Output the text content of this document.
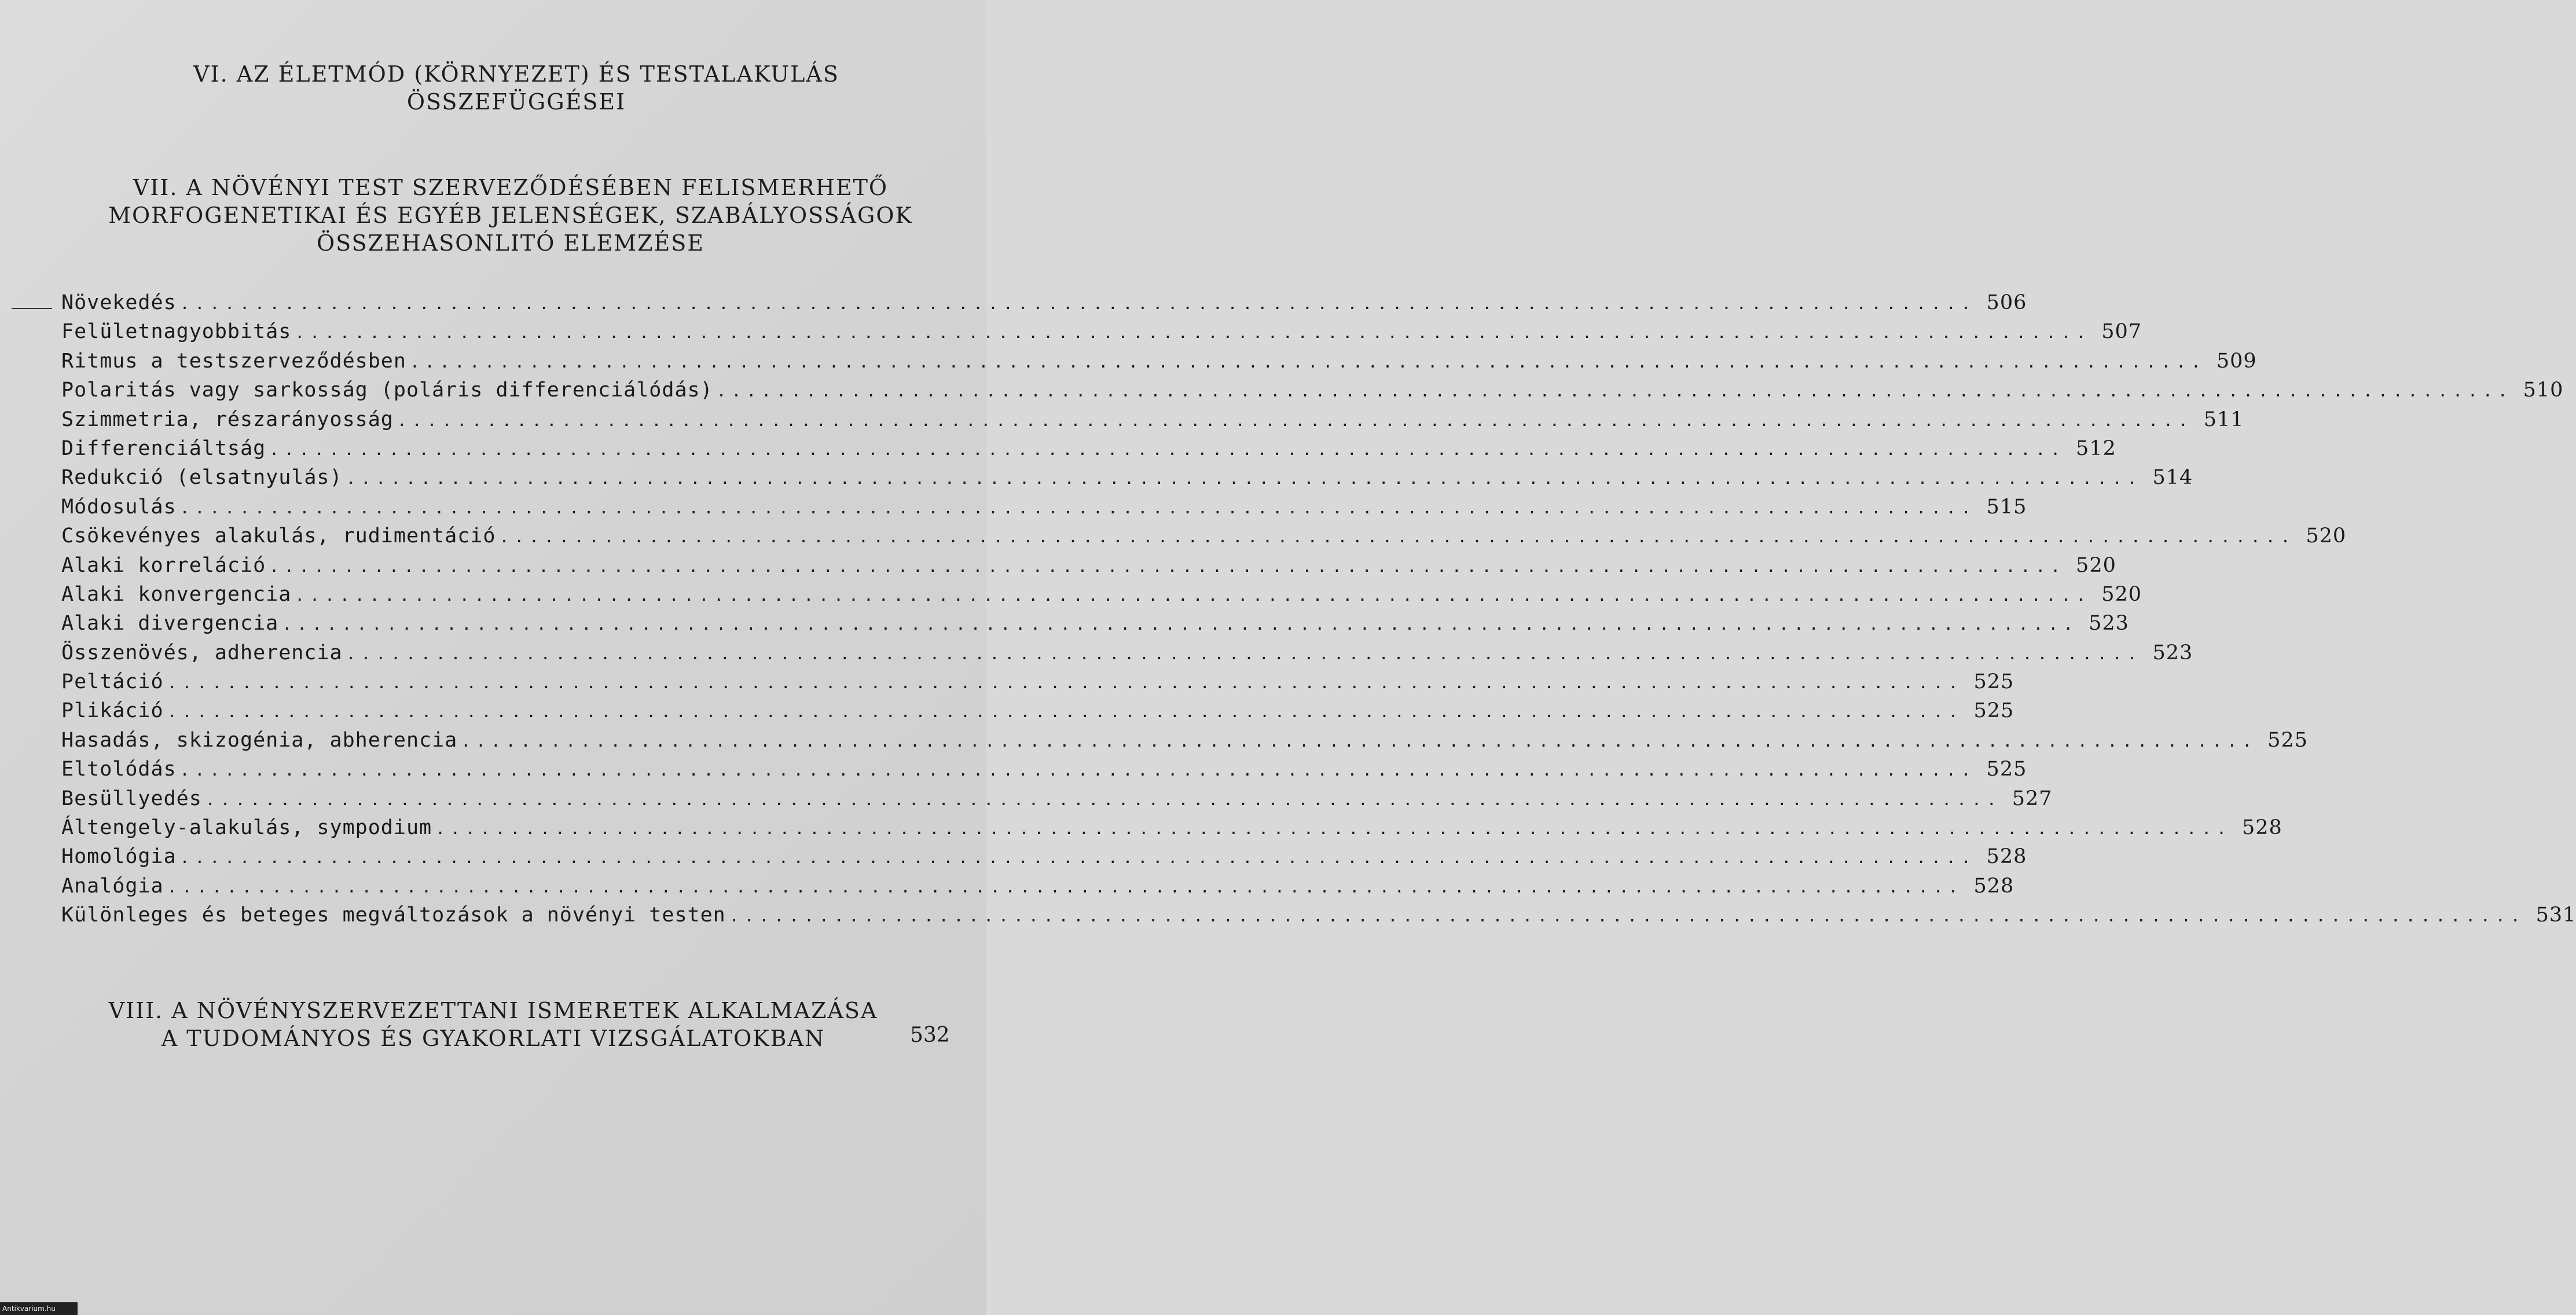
VI. AZ ÉLETMÓD (KÖRNYEZET) ÉS TESTALAKULÁS
ÖSSZEFÜGGÉSEI
VII. A NÖVÉNYI TEST SZERVEZŐDÉSÉBEN FELISMERHETŐ
MORFOGENETIKAI ÉS EGYÉB JELENSÉGEK, SZABÁLYOSSÁGOK
ÖSSZEHASONLITÓ ELEMZÉSE
Növekedés ........................................................................................................................ 506
Felületnagyobbitás ........................................................................................................................ 507
Ritmus a testszerveződésben ........................................................................................................................ 509
Polaritás vagy sarkosság (poláris differenciálódás) ........................................................................................................................ 510
Szimmetria, részarányosság ........................................................................................................................ 511
Differenciáltság ........................................................................................................................ 512
Redukció (elsatnyulás) ........................................................................................................................ 514
Módosulás ........................................................................................................................ 515
Csökevényes alakulás, rudimentáció ........................................................................................................................ 520
Alaki korreláció ........................................................................................................................ 520
Alaki konvergencia ........................................................................................................................ 520
Alaki divergencia ........................................................................................................................ 523
Összenövés, adherencia ........................................................................................................................ 523
Peltáció ........................................................................................................................ 525
Plikáció ........................................................................................................................ 525
Hasadás, skizogénia, abherencia ........................................................................................................................ 525
Eltolódás ........................................................................................................................ 525
Besüllyedés ........................................................................................................................ 527
Áltengely-alakulás, sympodium ........................................................................................................................ 528
Homológia ........................................................................................................................ 528
Analógia ........................................................................................................................ 528
Különleges és beteges megváltozások a növényi testen ........................................................................................................................ 531
VIII. A NÖVÉNYSZERVEZETTANI ISMERETEK ALKALMAZÁSA
A TUDOMÁNYOS ÉS GYAKORLATI VIZSGÁLATOKBAN	532
Antikvarium.hu
